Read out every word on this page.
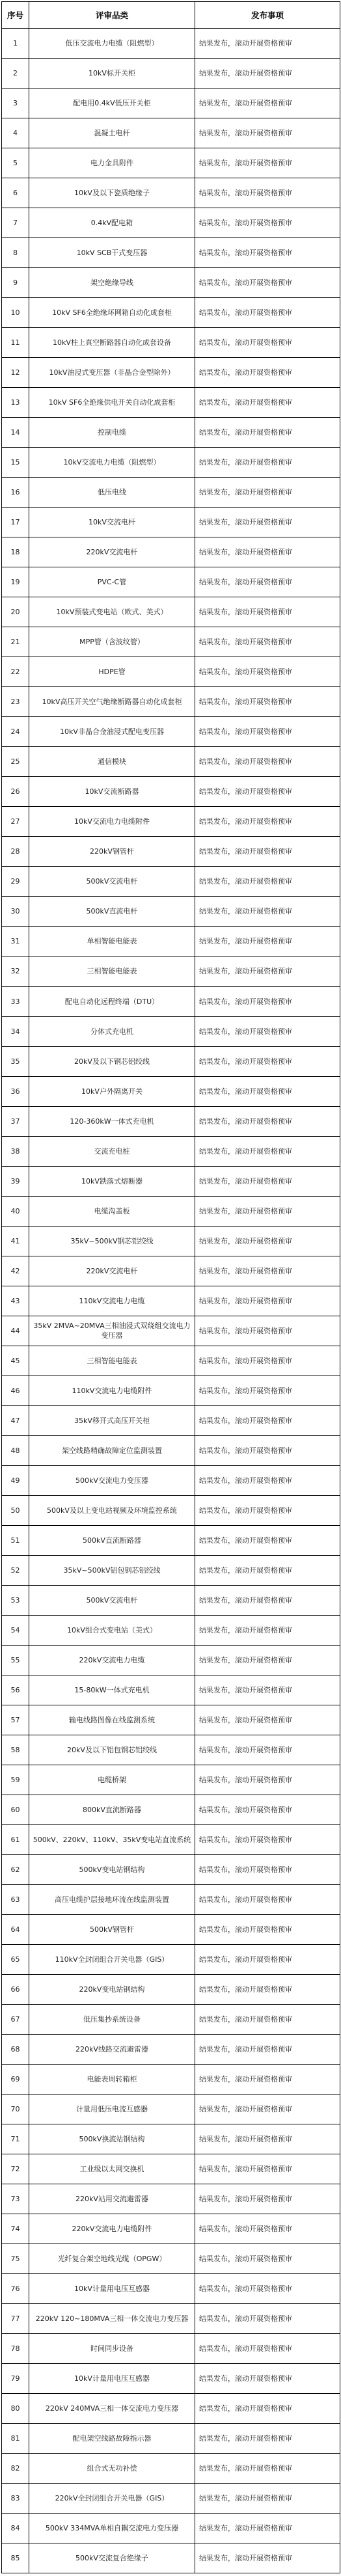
序号	评审品类	发布事项
1	低压交流电力电缆（阻燃型）	结果发布，滚动开展资格预审
2	10kV标开关柜	结果发布，滚动开展资格预审
3	配电用0.4kV低压开关柜	结果发布，滚动开展资格预审
4	混凝土电杆	结果发布，滚动开展资格预审
5	电力金具附件	结果发布，滚动开展资格预审
6	10kV及以下瓷质绝缘子	结果发布，滚动开展资格预审
7	0.4kV配电箱	结果发布，滚动开展资格预审
8	10kV SCB干式变压器	结果发布，滚动开展资格预审
9	架空绝缘导线	结果发布，滚动开展资格预审
10	10kV SF6全绝缘环网箱自动化成套柜	结果发布，滚动开展资格预审
11	10kV柱上真空断路器自动化成套设备	结果发布，滚动开展资格预审
12	10kV油浸式变压器（非晶合金型除外）	结果发布，滚动开展资格预审
13	10kV SF6全绝缘供电开关自动化成套柜	结果发布，滚动开展资格预审
14	控制电缆	结果发布，滚动开展资格预审
15	10kV交流电力电缆（阻燃型）	结果发布，滚动开展资格预审
16	低压电线	结果发布，滚动开展资格预审
17	10kV交流电杆	结果发布，滚动开展资格预审
18	220kV交流电杆	结果发布，滚动开展资格预审
19	PVC-C管	结果发布，滚动开展资格预审
20	10kV预装式变电站（欧式、美式）	结果发布，滚动开展资格预审
21	MPP管（含波纹管）	结果发布，滚动开展资格预审
22	HDPE管	结果发布，滚动开展资格预审
23	10kV高压开关空气绝缘断路器自动化成套柜	结果发布，滚动开展资格预审
24	10kV非晶合金油浸式配电变压器	结果发布，滚动开展资格预审
25	通信模块	结果发布，滚动开展资格预审
26	10kV交流断路器	结果发布，滚动开展资格预审
27	10kV交流电力电缆附件	结果发布，滚动开展资格预审
28	220kV钢管杆	结果发布，滚动开展资格预审
29	500kV交流电杆	结果发布，滚动开展资格预审
30	500kV直流电杆	结果发布，滚动开展资格预审
31	单相智能电能表	结果发布，滚动开展资格预审
32	三相智能电能表	结果发布，滚动开展资格预审
33	配电自动化远程终端（DTU）	结果发布，滚动开展资格预审
34	分体式充电机	结果发布，滚动开展资格预审
35	20kV及以下钢芯铝绞线	结果发布，滚动开展资格预审
36	10kV户外隔离开关	结果发布，滚动开展资格预审
37	120-360kW一体式充电机	结果发布，滚动开展资格预审
38	交流充电桩	结果发布，滚动开展资格预审
39	10kV跌落式熔断器	结果发布，滚动开展资格预审
40	电缆沟盖板	结果发布，滚动开展资格预审
41	35kV~500kV钢芯铝绞线	结果发布，滚动开展资格预审
42	220kV交流电杆	结果发布，滚动开展资格预审
43	110kV交流电力电缆	结果发布，滚动开展资格预审
44	35kV 2MVA~20MVA三相油浸式双绕组交流电力变压器	结果发布，滚动开展资格预审
45	三相智能电能表	结果发布，滚动开展资格预审
46	110kV交流电力电缆附件	结果发布，滚动开展资格预审
47	35kV移开式高压开关柜	结果发布，滚动开展资格预审
48	架空线路精确故障定位监测装置	结果发布，滚动开展资格预审
49	500kV交流电力变压器	结果发布，滚动开展资格预审
50	500kV及以上变电站视频及环境监控系统	结果发布，滚动开展资格预审
51	500kV直流断路器	结果发布，滚动开展资格预审
52	35kV~500kV铝包钢芯铝绞线	结果发布，滚动开展资格预审
53	500kV交流电杆	结果发布，滚动开展资格预审
54	10kV组合式变电站（美式）	结果发布，滚动开展资格预审
55	220kV交流电力电缆	结果发布，滚动开展资格预审
56	15-80kW一体式充电机	结果发布，滚动开展资格预审
57	输电线路图像在线监测系统	结果发布，滚动开展资格预审
58	20kV及以下铝包钢芯铝绞线	结果发布，滚动开展资格预审
59	电缆桥架	结果发布，滚动开展资格预审
60	800kV直流断路器	结果发布，滚动开展资格预审
61	500kV、220kV、110kV、35kV变电站直流系统	结果发布，滚动开展资格预审
62	500kV变电站钢结构	结果发布，滚动开展资格预审
63	高压电缆护层接地环流在线监测装置	结果发布，滚动开展资格预审
64	500kV钢管杆	结果发布，滚动开展资格预审
65	110kV全封闭组合开关电器（GIS）	结果发布，滚动开展资格预审
66	220kV变电站钢结构	结果发布，滚动开展资格预审
67	低压集抄系统设备	结果发布，滚动开展资格预审
68	220kV线路交流避雷器	结果发布，滚动开展资格预审
69	电能表周转箱柜	结果发布，滚动开展资格预审
70	计量用低压电流互感器	结果发布，滚动开展资格预审
71	500kV换流站钢结构	结果发布，滚动开展资格预审
72	工业级以太网交换机	结果发布，滚动开展资格预审
73	220kV站用交流避雷器	结果发布，滚动开展资格预审
74	220kV交流电力电缆附件	结果发布，滚动开展资格预审
75	光纤复合架空地线光缆（OPGW）	结果发布，滚动开展资格预审
76	10kV计量用电压互感器	结果发布，滚动开展资格预审
77	220kV 120~180MVA三相一体交流电力变压器	结果发布，滚动开展资格预审
78	时间同步设备	结果发布，滚动开展资格预审
79	10kV计量用电压互感器	结果发布，滚动开展资格预审
80	220kV 240MVA三相一体交流电力变压器	结果发布，滚动开展资格预审
81	配电架空线路故障指示器	结果发布，滚动开展资格预审
82	组合式无功补偿	结果发布，滚动开展资格预审
83	220kV全封闭组合开关电器（GIS）	结果发布，滚动开展资格预审
84	500kV 334MVA单相自耦交流电力变压器	结果发布，滚动开展资格预审
85	500kV交流复合绝缘子	结果发布，滚动开展资格预审
